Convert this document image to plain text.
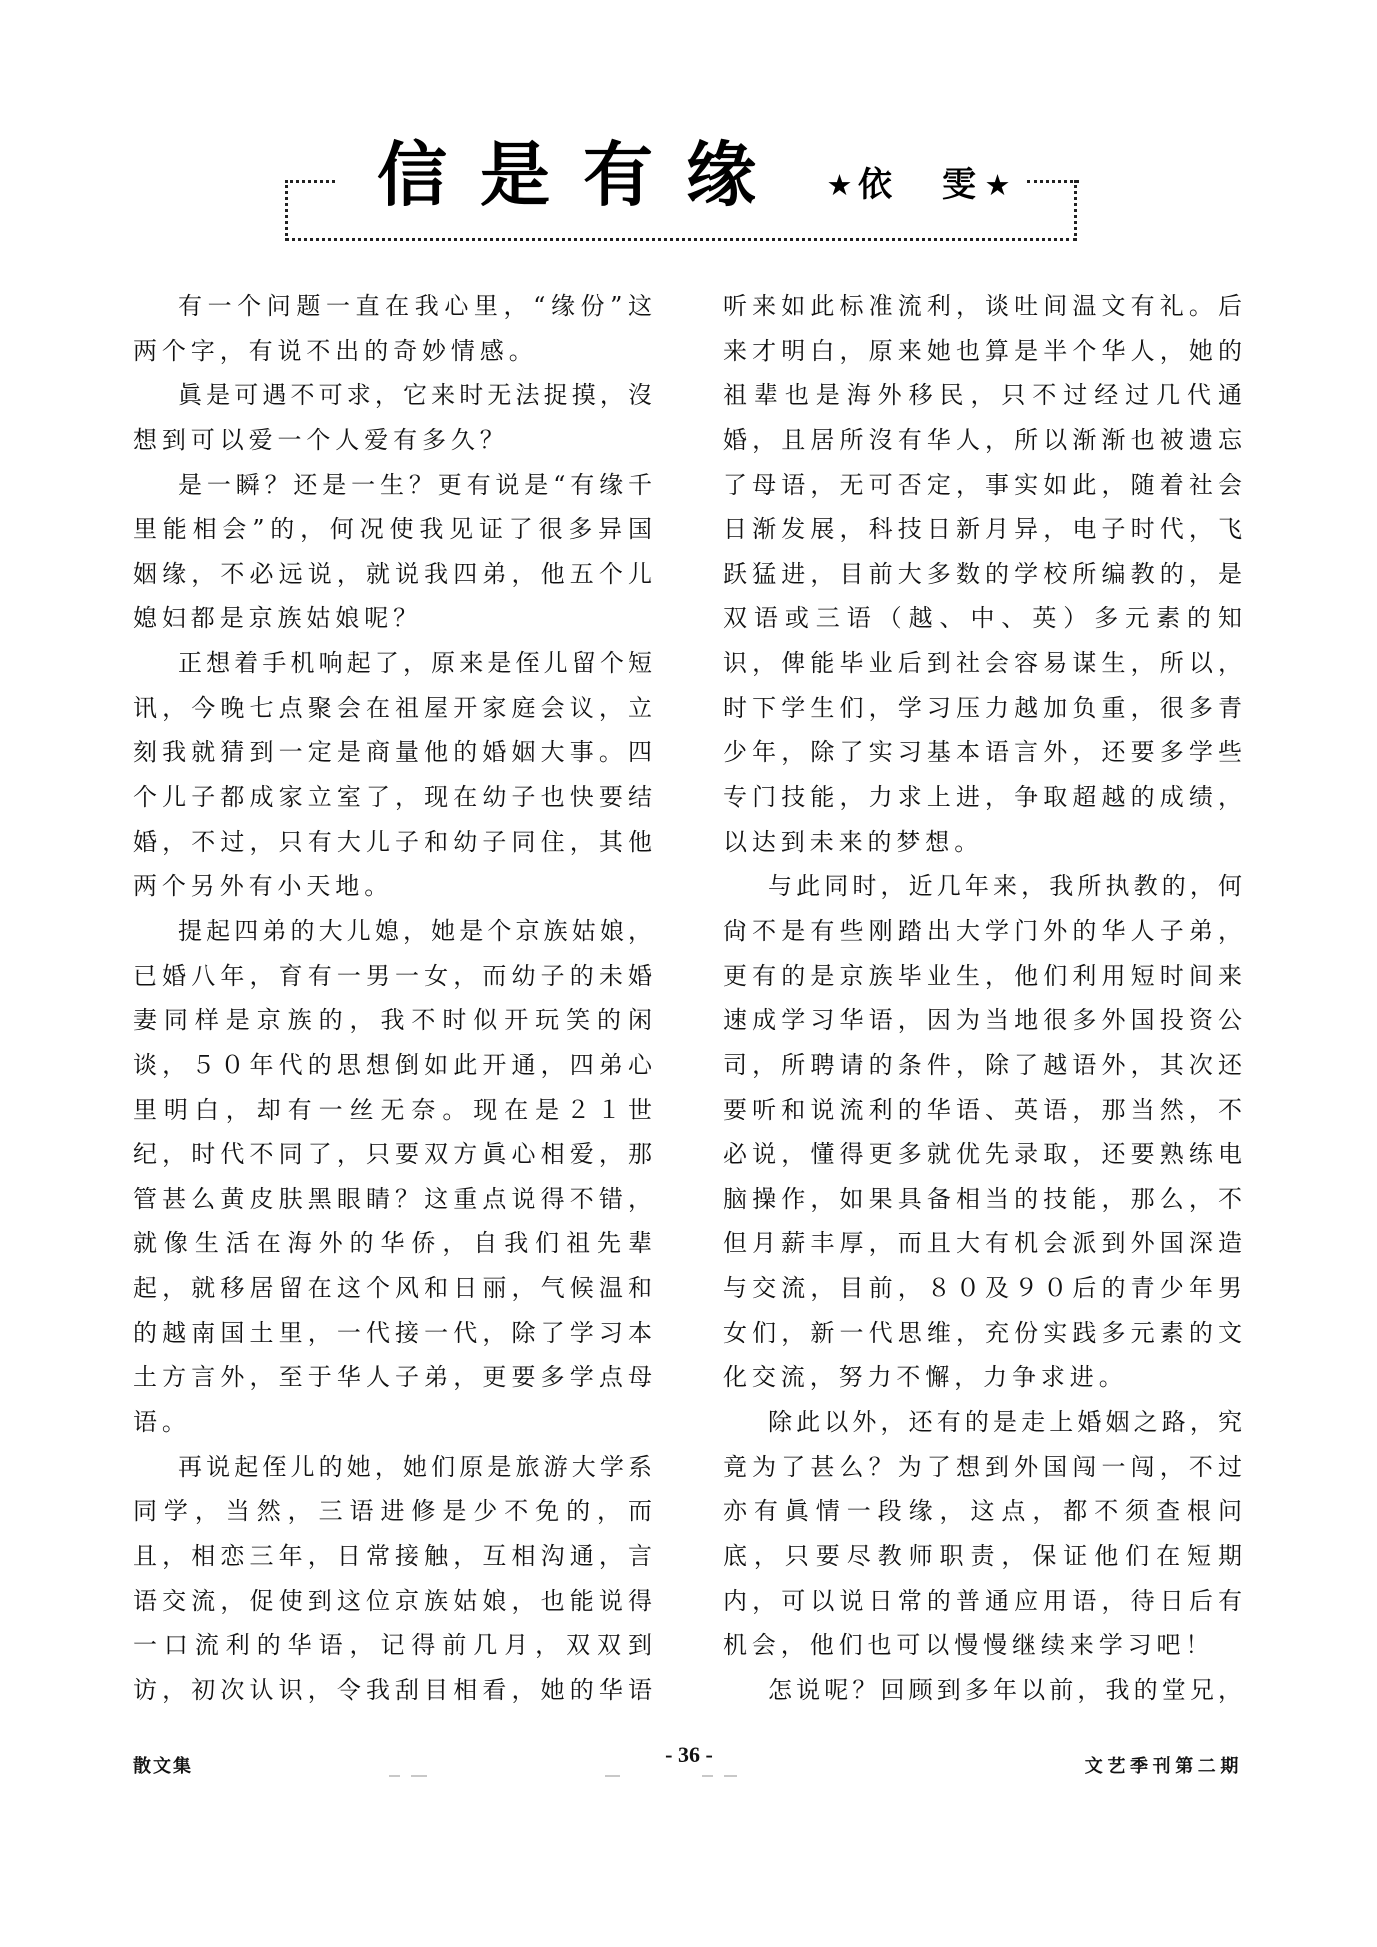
信是有缘 ★ 依　雯
★
有一个问题一直在我心里，“缘份”这
两个字，有说不出的奇妙情感。
眞是可遇不可求，它来时无法捉摸，沒
想到可以爱一个人爱有多久？
是一瞬？还是一生？更有说是“有缘千
里能相会”的，何况使我见证了很多异国
姻缘，不必远说，就说我四弟，他五个儿
媳妇都是京族姑娘呢？
正想着手机响起了，原来是侄儿留个短
讯，今晚七点聚会在祖屋开家庭会议，立
刻我就猜到一定是商量他的婚姻大事。四
个儿子都成家立室了，现在幼子也快要结
婚，不过，只有大儿子和幼子同住，其他
两个另外有小天地。
提起四弟的大儿媳，她是个京族姑娘，
已婚八年，育有一男一女，而幼子的未婚
妻同样是京族的，我不时似开玩笑的闲
谈，５０年代的思想倒如此开通，四弟心
里明白，却有一丝无奈。现在是２１世
纪，时代不同了，只要双方眞心相爱，那
管甚么黄皮肤黑眼睛？这重点说得不错，
就像生活在海外的华侨，自我们祖先辈
起，就移居留在这个风和日丽，气候温和
的越南国土里，一代接一代，除了学习本
土方言外，至于华人子弟，更要多学点母
语。
再说起侄儿的她，她们原是旅游大学系
同学，当然，三语进修是少不免的，而
且，相恋三年，日常接触，互相沟通，言
语交流，促使到这位京族姑娘，也能说得
一口流利的华语，记得前几月，双双到
访，初次认识，令我刮目相看，她的华语
听来如此标准流利，谈吐间温文有礼。后
来才明白，原来她也算是半个华人，她的
祖辈也是海外移民，只不过经过几代通
婚，且居所沒有华人，所以渐渐也被遗忘
了母语，无可否定，事实如此，随着社会
日渐发展，科技日新月异，电子时代，飞
跃猛进，目前大多数的学校所编教的，是
双语或三语（越、中、英）多元素的知
识，俾能毕业后到社会容易谋生，所以，
时下学生们，学习压力越加负重，很多青
少年，除了实习基本语言外，还要多学些
专门技能，力求上进，争取超越的成绩，
以达到未来的梦想。
与此同时，近几年来，我所执教的，何
尙不是有些刚踏出大学门外的华人子弟，
更有的是京族毕业生，他们利用短时间来
速成学习华语，因为当地很多外国投资公
司，所聘请的条件，除了越语外，其次还
要听和说流利的华语、英语，那当然，不
必说，懂得更多就优先录取，还要熟练电
脑操作，如果具备相当的技能，那么，不
但月薪丰厚，而且大有机会派到外国深造
与交流，目前，８０及９０后的青少年男
女们，新一代思维，充份实践多元素的文
化交流，努力不懈，力争求进。
除此以外，还有的是走上婚姻之路，究
竟为了甚么？为了想到外国闯一闯，不过
亦有眞情一段缘，这点，都不须查根问
底，只要尽教师职责，保证他们在短期
内，可以说日常的普通应用语，待日后有
机会，他们也可以慢慢继续来学习吧！
怎说呢？回顾到多年以前，我的堂兄，
散文集	- 36 -	文艺季刊第二期
